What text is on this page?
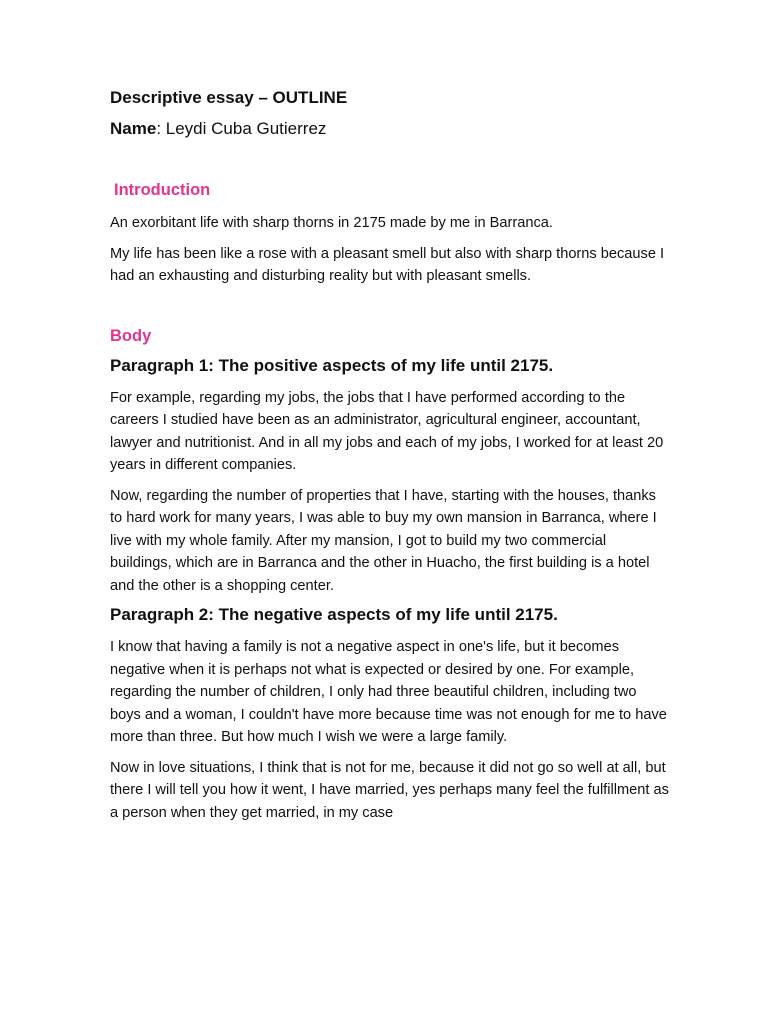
Descriptive essay – OUTLINE
Name: Leydi Cuba Gutierrez
Introduction

An exorbitant life with sharp thorns in 2175 made by me in Barranca.

My life has been like a rose with a pleasant smell but also with sharp thorns because I had an exhausting and disturbing reality but with pleasant smells.

Body
Paragraph 1: The positive aspects of my life until 2175.

For example, regarding my jobs, the jobs that I have performed according to the careers I studied have been as an administrator, agricultural engineer, accountant, lawyer and nutritionist. And in all my jobs and each of my jobs, I worked for at least 20 years in different companies.

Now, regarding the number of properties that I have, starting with the houses, thanks to hard work for many years, I was able to buy my own mansion in Barranca, where I live with my whole family. After my mansion, I got to build my two commercial buildings, which are in Barranca and the other in Huacho, the first building is a hotel and the other is a shopping center.

Paragraph 2: The negative aspects of my life until 2175.

I know that having a family is not a negative aspect in one's life, but it becomes negative when it is perhaps not what is expected or desired by one. For example, regarding the number of children, I only had three beautiful children, including two boys and a woman, I couldn't have more because time was not enough for me to have more than three. But how much I wish we were a large family.

Now in love situations, I think that is not for me, because it did not go so well at all, but there I will tell you how it went, I have married, yes perhaps many feel the fulfillment as a person when they get married, in my case
